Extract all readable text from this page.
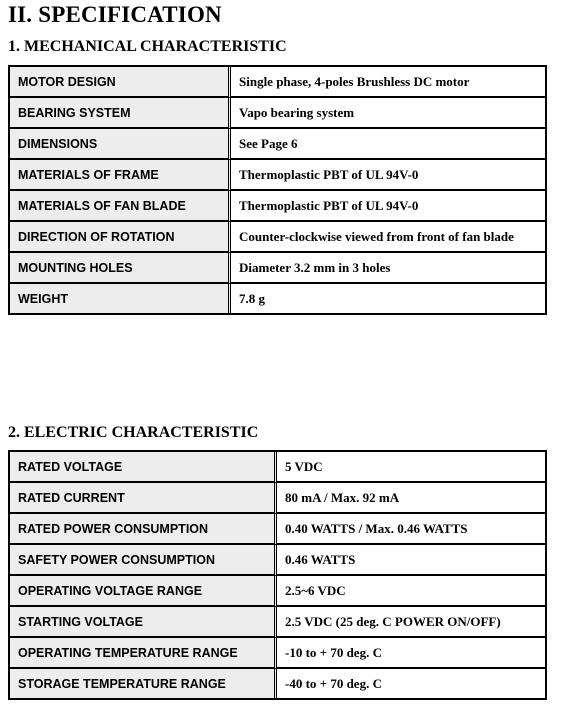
II. SPECIFICATION
1. MECHANICAL CHARACTERISTIC
MOTOR DESIGN	Single phase, 4-poles Brushless DC motor
BEARING SYSTEM	Vapo bearing system
DIMENSIONS	See Page 6
MATERIALS OF FRAME	Thermoplastic PBT of UL 94V-0
MATERIALS OF FAN BLADE	Thermoplastic PBT of UL 94V-0
DIRECTION OF ROTATION	Counter-clockwise viewed from front of fan blade
MOUNTING HOLES	Diameter 3.2 mm in 3 holes
WEIGHT	7.8 g
2. ELECTRIC CHARACTERISTIC
RATED VOLTAGE	5 VDC
RATED CURRENT	80 mA / Max. 92 mA
RATED POWER CONSUMPTION	0.40 WATTS / Max. 0.46 WATTS
SAFETY POWER CONSUMPTION	0.46 WATTS
OPERATING VOLTAGE RANGE	2.5~6 VDC
STARTING VOLTAGE	2.5 VDC (25 deg. C POWER ON/OFF)
OPERATING TEMPERATURE RANGE	-10 to + 70 deg. C
STORAGE TEMPERATURE RANGE	-40 to + 70 deg. C
